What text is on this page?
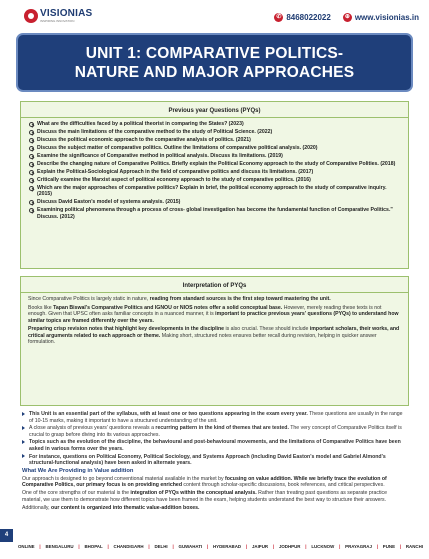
VISIONIAS
INSPIRING INNOVATION
✆ 8468022022	⊕ www.visionias.in
UNIT 1: COMPARATIVE POLITICS-
NATURE AND MAJOR APPROACHES
Previous year Questions (PYQs)
What are the difficulties faced by a political theorist in comparing the States? (2023)
Discuss the main limitations of the comparative method to the study of Political Science. (2022)
Discuss the political economic approach to the comparative analysis of politics. (2021)
Discuss the subject matter of comparative politics. Outline the limitations of comparative political analysis. (2020)
Examine the significance of Comparative method in political analysis. Discuss its limitations. (2019)
Describe the changing nature of Comparative Politics. Briefly explain the Political Economy approach to the study of Comparative Polities. (2018)
Explain the Political-Sociological Approach in the field of comparative politics and discuss its limitations. (2017)
Critically examine the Marxist aspect of political economy approach to the study of comparative politics. (2016)
Which are the major approaches of comparative politics? Explain in brief, the political economy approach to the study of comparative inquiry. (2015)
Discuss David Easton's model of systems analysis. (2015)
Examining political phenomena through a process of cross- global investigation has become the fundamental function of Comparative Politics." Discuss. (2012)
Interpretation of PYQs

Since Comparative Politics is largely static in nature, reading from standard sources is the first step toward mastering the unit.

Books like Tapan Biswal's Comparative Politics and IGNOU or NIOS notes offer a solid conceptual base. However, merely reading these texts is not enough. Given that UPSC often asks familiar concepts in a nuanced manner, it is important to practice previous years' questions (PYQs) to understand how similar topics are framed differently over the years.

Preparing crisp revision notes that highlight key developments in the discipline is also crucial. These should include important scholars, their works, and critical arguments related to each approach or theme. Making short, structured notes ensures better recall during revision, helping in quicker answer formulation.

This Unit is an essential part of the syllabus, with at least one or two questions appearing in the exam every year. These questions are usually in the range of 10-15 marks, making it important to have a structured understanding of the unit.
A close analysis of previous years' questions reveals a recurring pattern in the kind of themes that are tested. The very concept of Comparative Politics itself is crucial to grasp before diving into its various approaches.
Topics such as the evolution of the discipline, the behavioural and post-behavioural movements, and the limitations of Comparative Politics have been asked in various forms over the years.
For instance, questions on Political Economy, Political Sociology, and Systems Approach (including David Easton's model and Gabriel Almond's structural-functional analysis) have been asked in alternate years.
What We Are Providing in Value addition

Our approach is designed to go beyond conventional material available in the market by focusing on value addition. While we briefly trace the evolution of Comparative Politics, our primary focus is on providing enriched content through scholar-specific discussions, book references, and critical perspectives.

One of the core strengths of our material is the integration of PYQs within the conceptual analysis. Rather than treating past questions as separate practice material, we use them to demonstrate how different topics have been framed in the exam, helping students understand the best way to structure their answers.

Additionally, our content is organized into thematic value-addition boxes.

4
ONLINE | BENGALURU | BHOPAL | CHANDIGARH | DELHI | GUWAHATI | HYDERABAD | JAIPUR | JODHPUR | LUCKNOW | PRAYAGRAJ | PUNE | RANCHI
